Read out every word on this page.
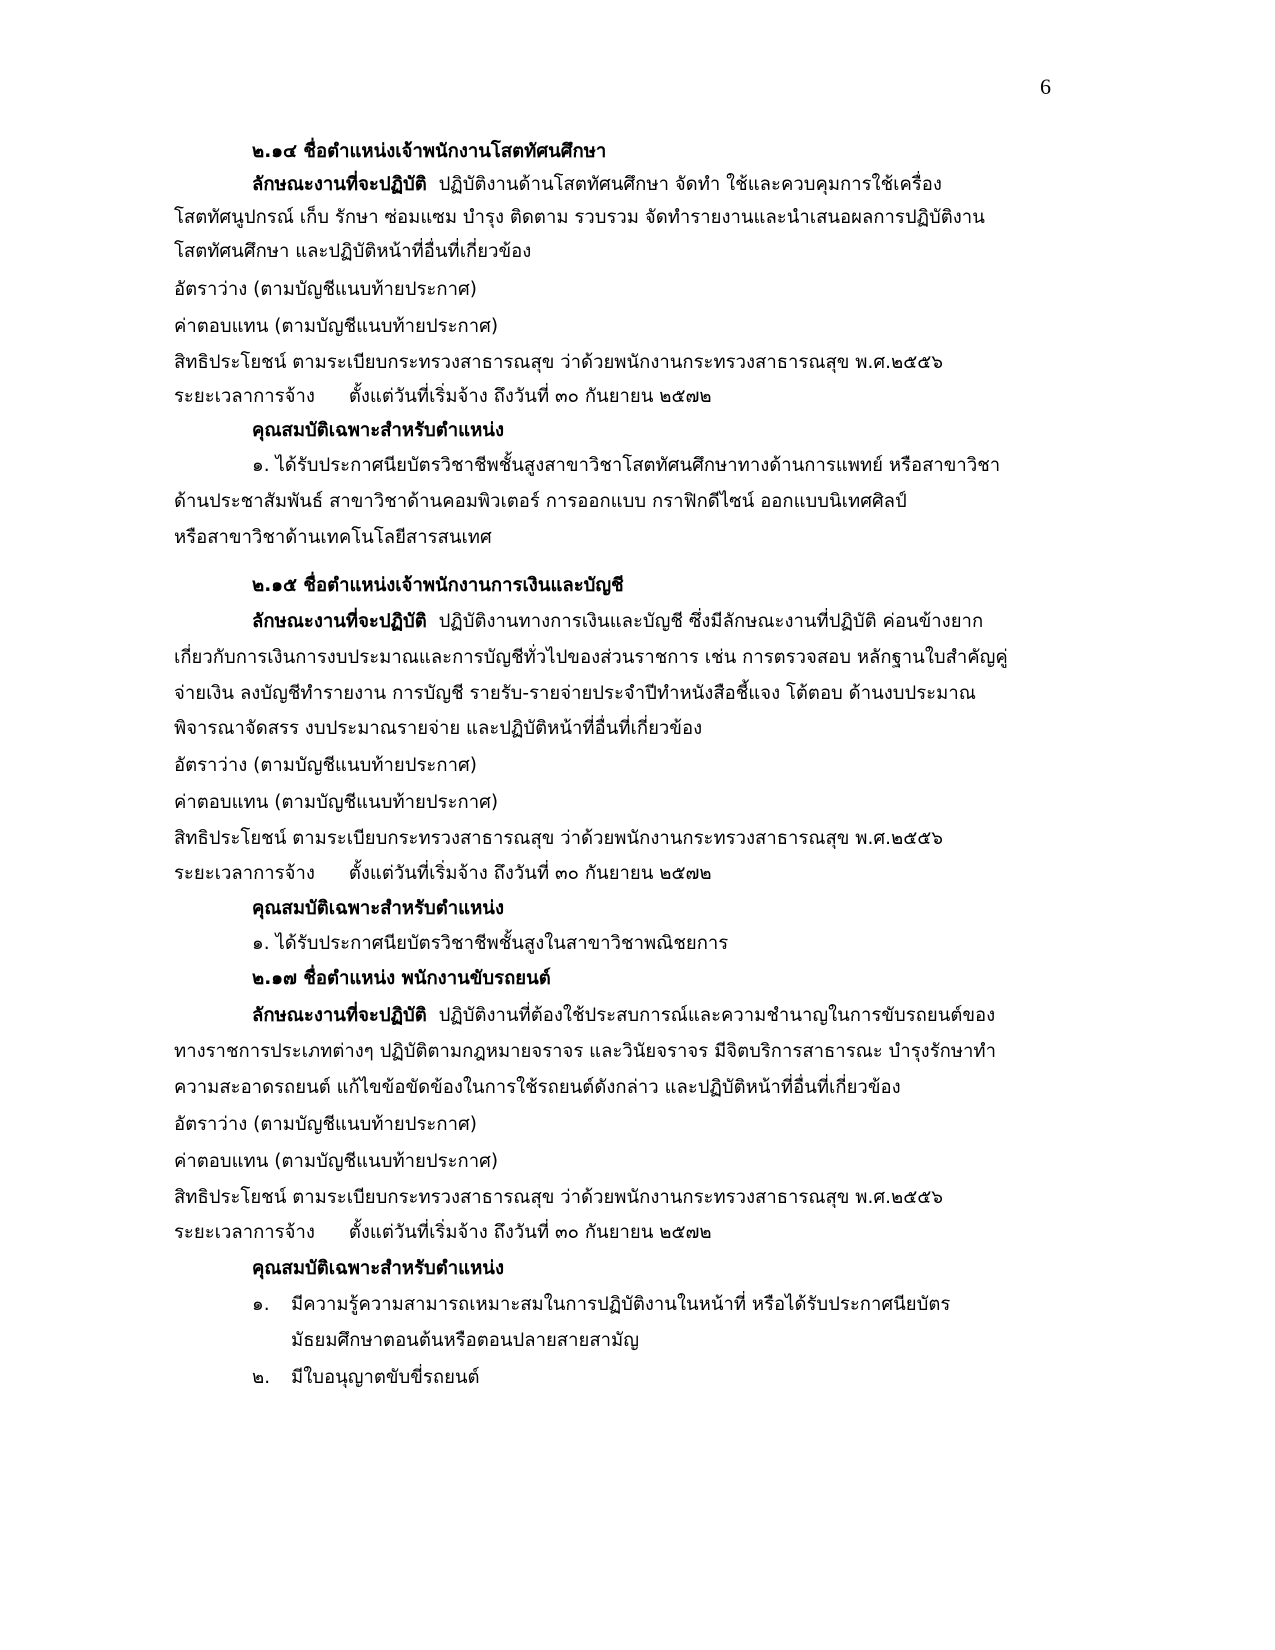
6
๒.๑๔ ชื่อตำแหน่งเจ้าพนักงานโสตทัศนศึกษา
ลักษณะงานที่จะปฏิบัติ ปฏิบัติงานด้านโสตทัศนศึกษา จัดทำ ใช้และควบคุมการใช้เครื่อง
โสตทัศนูปกรณ์ เก็บ รักษา ซ่อมแซม บำรุง ติดตาม รวบรวม จัดทำรายงานและนำเสนอผลการปฏิบัติงาน
โสตทัศนศึกษา และปฏิบัติหน้าที่อื่นที่เกี่ยวข้อง
อัตราว่าง (ตามบัญชีแนบท้ายประกาศ)
ค่าตอบแทน (ตามบัญชีแนบท้ายประกาศ)
สิทธิประโยชน์ ตามระเบียบกระทรวงสาธารณสุข ว่าด้วยพนักงานกระทรวงสาธารณสุข พ.ศ.๒๕๕๖
ระยะเวลาการจ้าง ตั้งแต่วันที่เริ่มจ้าง ถึงวันที่ ๓๐ กันยายน ๒๕๗๒
คุณสมบัติเฉพาะสำหรับตำแหน่ง
๑. ได้รับประกาศนียบัตรวิชาชีพชั้นสูงสาขาวิชาโสตทัศนศึกษาทางด้านการแพทย์ หรือสาขาวิชา
ด้านประชาสัมพันธ์ สาขาวิชาด้านคอมพิวเตอร์ การออกแบบ กราฟิกดีไซน์ ออกแบบนิเทศศิลป์
หรือสาขาวิชาด้านเทคโนโลยีสารสนเทศ
๒.๑๕ ชื่อตำแหน่งเจ้าพนักงานการเงินและบัญชี
ลักษณะงานที่จะปฏิบัติ ปฏิบัติงานทางการเงินและบัญชี ซึ่งมีลักษณะงานที่ปฏิบัติ ค่อนข้างยาก
เกี่ยวกับการเงินการงบประมาณและการบัญชีทั่วไปของส่วนราชการ เช่น การตรวจสอบ หลักฐานใบสำคัญคู่
จ่ายเงิน ลงบัญชีทำรายงาน การบัญชี รายรับ-รายจ่ายประจำปีทำหนังสือชี้แจง โต้ตอบ ด้านงบประมาณ
พิจารณาจัดสรร งบประมาณรายจ่าย และปฏิบัติหน้าที่อื่นที่เกี่ยวข้อง
อัตราว่าง (ตามบัญชีแนบท้ายประกาศ)
ค่าตอบแทน (ตามบัญชีแนบท้ายประกาศ)
สิทธิประโยชน์ ตามระเบียบกระทรวงสาธารณสุข ว่าด้วยพนักงานกระทรวงสาธารณสุข พ.ศ.๒๕๕๖
ระยะเวลาการจ้าง ตั้งแต่วันที่เริ่มจ้าง ถึงวันที่ ๓๐ กันยายน ๒๕๗๒
คุณสมบัติเฉพาะสำหรับตำแหน่ง
๑. ได้รับประกาศนียบัตรวิชาชีพชั้นสูงในสาขาวิชาพณิชยการ
๒.๑๗ ชื่อตำแหน่ง พนักงานขับรถยนต์
ลักษณะงานที่จะปฏิบัติ ปฏิบัติงานที่ต้องใช้ประสบการณ์และความชำนาญในการขับรถยนต์ของ
ทางราชการประเภทต่างๆ ปฏิบัติตามกฎหมายจราจร และวินัยจราจร มีจิตบริการสาธารณะ บำรุงรักษาทำ
ความสะอาดรถยนต์ แก้ไขข้อขัดข้องในการใช้รถยนต์ดังกล่าว และปฏิบัติหน้าที่อื่นที่เกี่ยวข้อง
อัตราว่าง (ตามบัญชีแนบท้ายประกาศ)
ค่าตอบแทน (ตามบัญชีแนบท้ายประกาศ)
สิทธิประโยชน์ ตามระเบียบกระทรวงสาธารณสุข ว่าด้วยพนักงานกระทรวงสาธารณสุข พ.ศ.๒๕๕๖
ระยะเวลาการจ้าง ตั้งแต่วันที่เริ่มจ้าง ถึงวันที่ ๓๐ กันยายน ๒๕๗๒
คุณสมบัติเฉพาะสำหรับตำแหน่ง
๑.	มีความรู้ความสามารถเหมาะสมในการปฏิบัติงานในหน้าที่ หรือได้รับประกาศนียบัตร
มัธยมศึกษาตอนต้นหรือตอนปลายสายสามัญ
๒.	มีใบอนุญาตขับขี่รถยนต์
